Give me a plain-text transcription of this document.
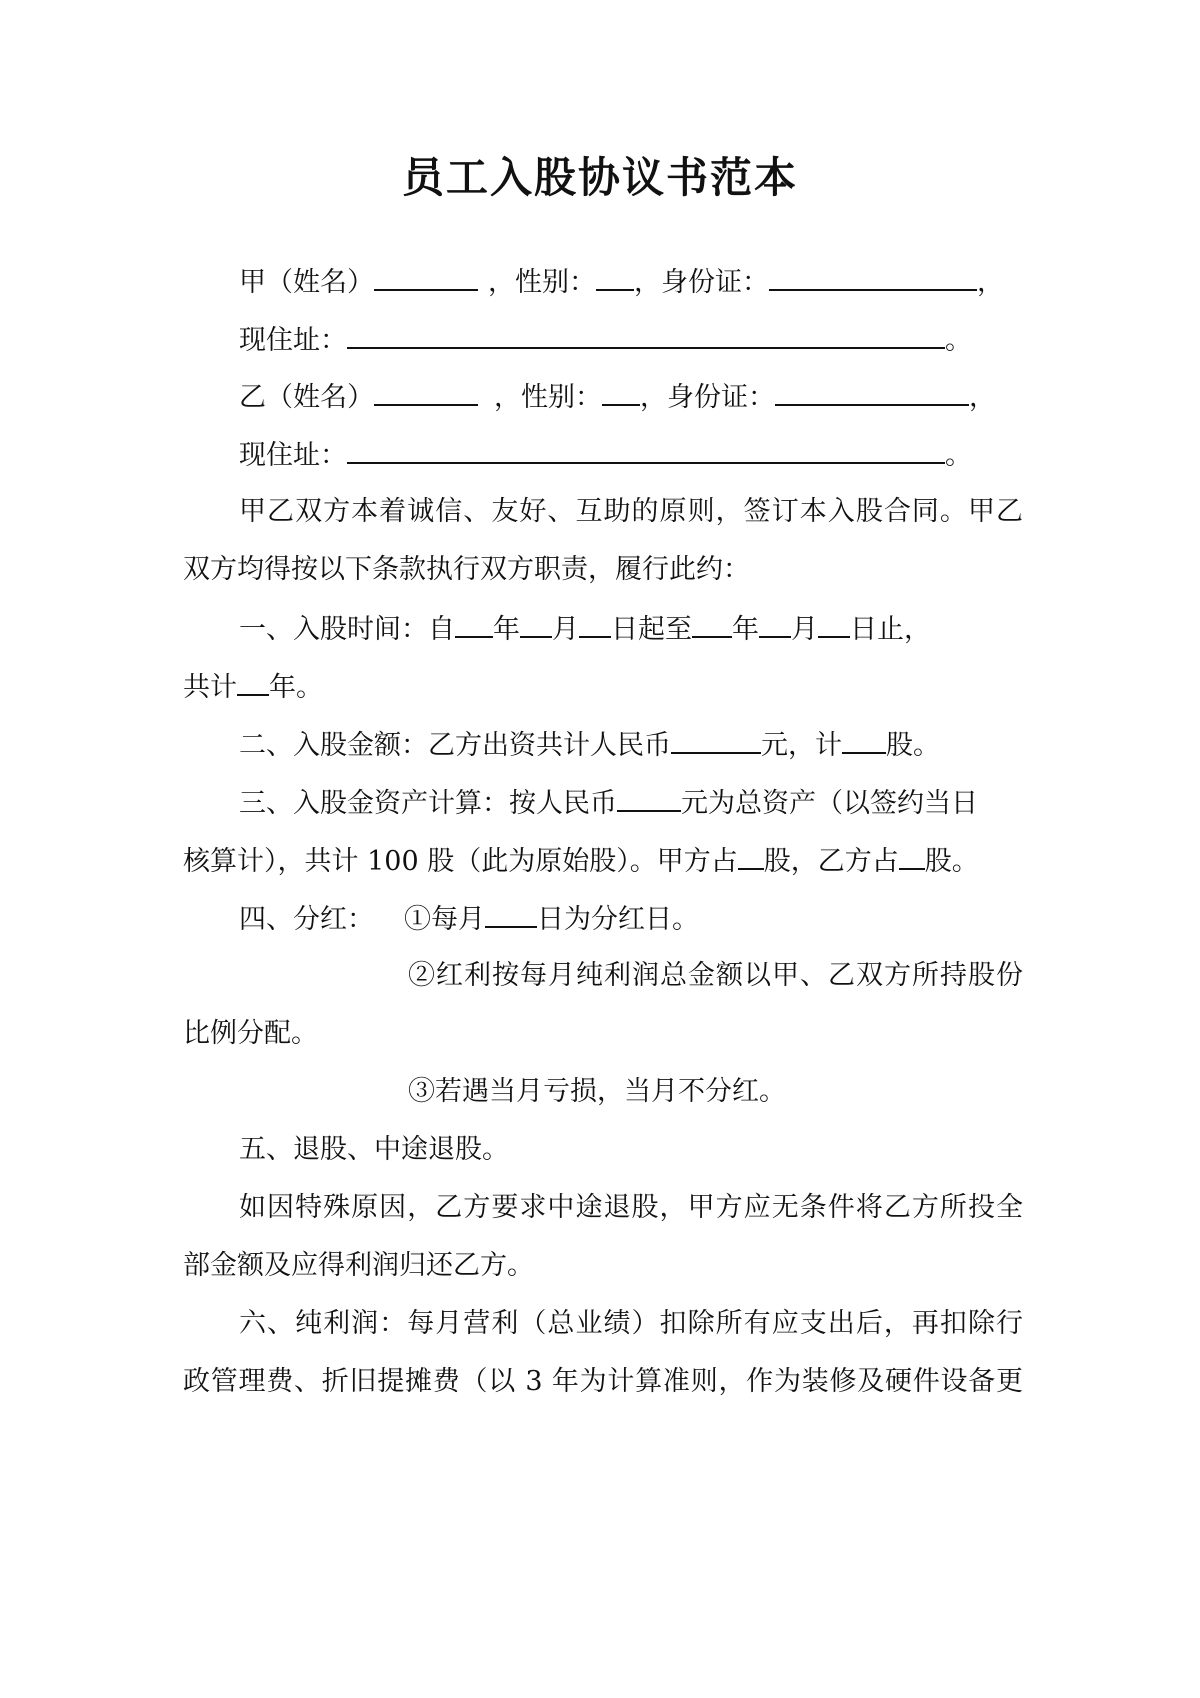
员工入股协议书范本
甲（姓名）	，性别： ，身份证：	，
现住址：	。
乙（姓名）	，性别： ，身份证：	，
现住址：	。
甲乙双方本着诚信、友好、互助的原则，签订本入股合同。甲乙
双方均得按以下条款执行双方职责，履行此约：
一、入股时间：自 年 月 日起至 年 月 日止，
共计 年。
二、入股金额：乙方出资共计人民币	元，计 股。
三、入股金资产计算：按人民币 元为总资产（以签约当日
核算计），共计 100 股（此为原始股）。甲方占 股，乙方占 股。
四、分红： ①每月 日为分红日。
②红利按每月纯利润总金额以甲、乙双方所持股份
比例分配。
③若遇当月亏损，当月不分红。
五、退股、中途退股。
如因特殊原因，乙方要求中途退股，甲方应无条件将乙方所投全
部金额及应得利润归还乙方。
六、纯利润：每月营利（总业绩）扣除所有应支出后，再扣除行
政管理费、折旧提摊费（以 3 年为计算准则，作为装修及硬件设备更
